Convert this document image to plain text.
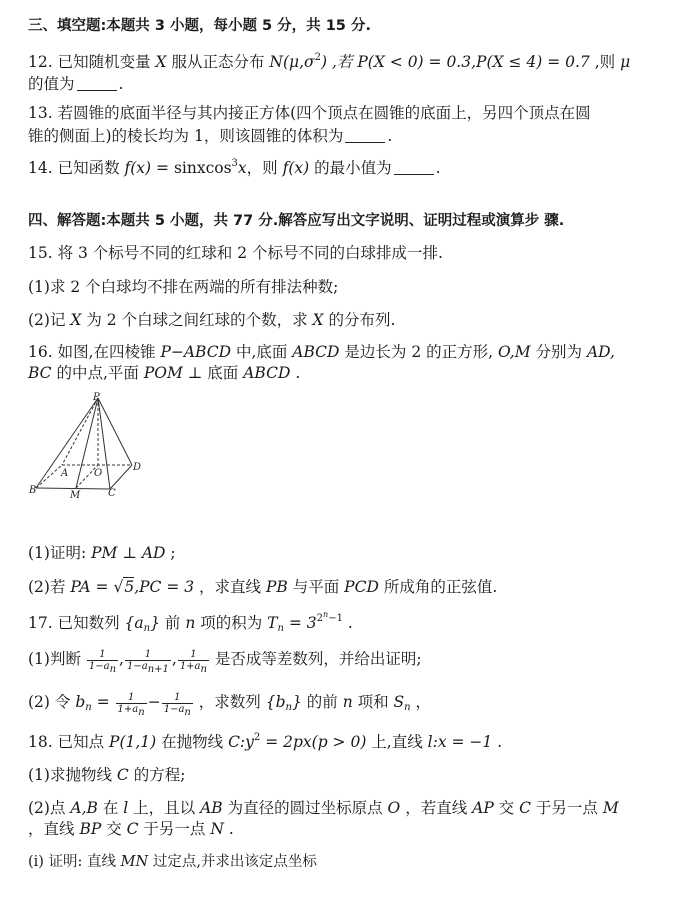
三、填空题:本题共 3 小题，每小题 5 分，共 15 分.
12. 已知随机变量 X 服从正态分布 $N(\mu,\sigma^2)$ ,若 P(X < 0) = 0.3,P(X ≤ 4) = 0.7 ,则 μ
的值为	.
13. 若圆锥的底面半径与其内接正方体(四个顶点在圆锥的底面上，另四个顶点在圆
锥的侧面上)的棱长均为 1，则该圆锥的体积为	.
14. 已知函数 f(x) = sinxcos$^3$x，则 f(x) 的最小值为	.
四、解答题:本题共 5 小题，共 77 分.解答应写出文字说明、证明过程或演算步 骤.
15. 将 3 个标号不同的红球和 2 个标号不同的白球排成一排.
(1)求 2 个白球均不排在两端的所有排法种数;
(2)记 X 为 2 个白球之间红球的个数，求 X 的分布列.
16. 如图,在四棱锥 P−ABCD 中,底面 ABCD 是边长为 2 的正方形, O,M 分别为 AD,
BC 的中点,平面 POM ⊥ 底面 ABCD .
P
A	O
D
B	M	C
(1)证明: PM ⊥ AD ;
(2)若 PA = √5,PC = 3 ，求直线 PB 与平面 PCD 所成角的正弦值.
17. 已知数列 $\{a_n\}$ 前 n 项的积为 $T_n = 3^{2^n-1}$ .
(1)判断 $\frac{1}{1-a_n}$ , $\frac{1}{1-a_{n+1}}$ , $\frac{1}{1+a_n}$ 是否成等差数列，并给出证明;
(2) 令 $b_n = \frac{1}{1+a_n} - \frac{1}{1-a_n}$ ，求数列 $\{b_n\}$ 的前 n 项和 $S_n$ ，
18. 已知点 P(1,1) 在抛物线 $C:y^2 = 2px(p > 0)$ 上,直线 l:x = −1 .
(1)求抛物线 C 的方程;
(2)点 A,B 在 l 上，且以 AB 为直径的圆过坐标原点 O ，若直线 AP 交 C 于另一点 M
，直线 BP 交 C 于另一点 N .
(i) 证明: 直线 MN 过定点,并求出该定点坐标
